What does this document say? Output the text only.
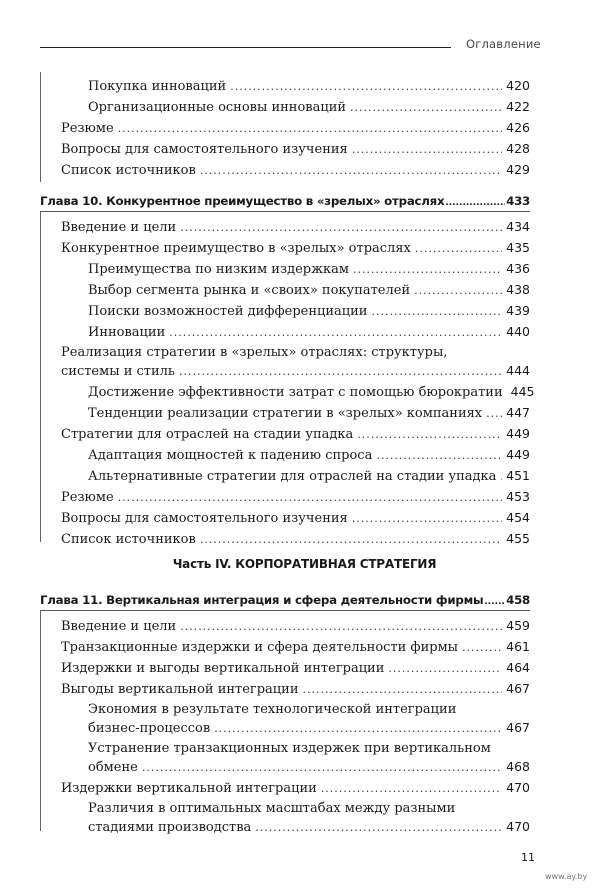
Оглавление
Покупка инноваций .....	420
Организационные основы инноваций .....	422
Резюме .....	426
Вопросы для самостоятельного изучения .....	428
Список источников .....	429
Глава 10. Конкурентное преимущество в «зрелых» отраслях .....	433
Введение и цели .....	434
Конкурентное преимущество в «зрелых» отраслях .....	435
Преимущества по низким издержкам .....	436
Выбор сегмента рынка и «своих» покупателей .....	438
Поиски возможностей дифференциации .....	439
Инновации .....	440
Реализация стратегии в «зрелых» отраслях: структуры,
системы и стиль .....	444
Достижение эффективности затрат с помощью бюрократии 445
Тенденции реализации стратегии в «зрелых» компаниях ..... 447
Стратегии для отраслей на стадии упадка .....	449
Адаптация мощностей к падению спроса .....	449
Альтернативные стратегии для отраслей на стадии упадка ..... 451
Резюме .....	453
Вопросы для самостоятельного изучения .....	454
Список источников .....	455
Часть IV. КОРПОРАТИВНАЯ СТРАТЕГИЯ
Глава 11. Вертикальная интеграция и сфера деятельности фирмы ..... 458
Введение и цели .....	459
Транзакционные издержки и сфера деятельности фирмы .....	461
Издержки и выгоды вертикальной интеграции .....	464
Выгоды вертикальной интеграции .....	467
Экономия в результате технологической интеграции
бизнес-процессов .....	467
Устранение транзакционных издержек при вертикальном
обмене .....	468
Издержки вертикальной интеграции .....	470
Различия в оптимальных масштабах между разными
стадиями производства .....	470
11
www.ay.by
